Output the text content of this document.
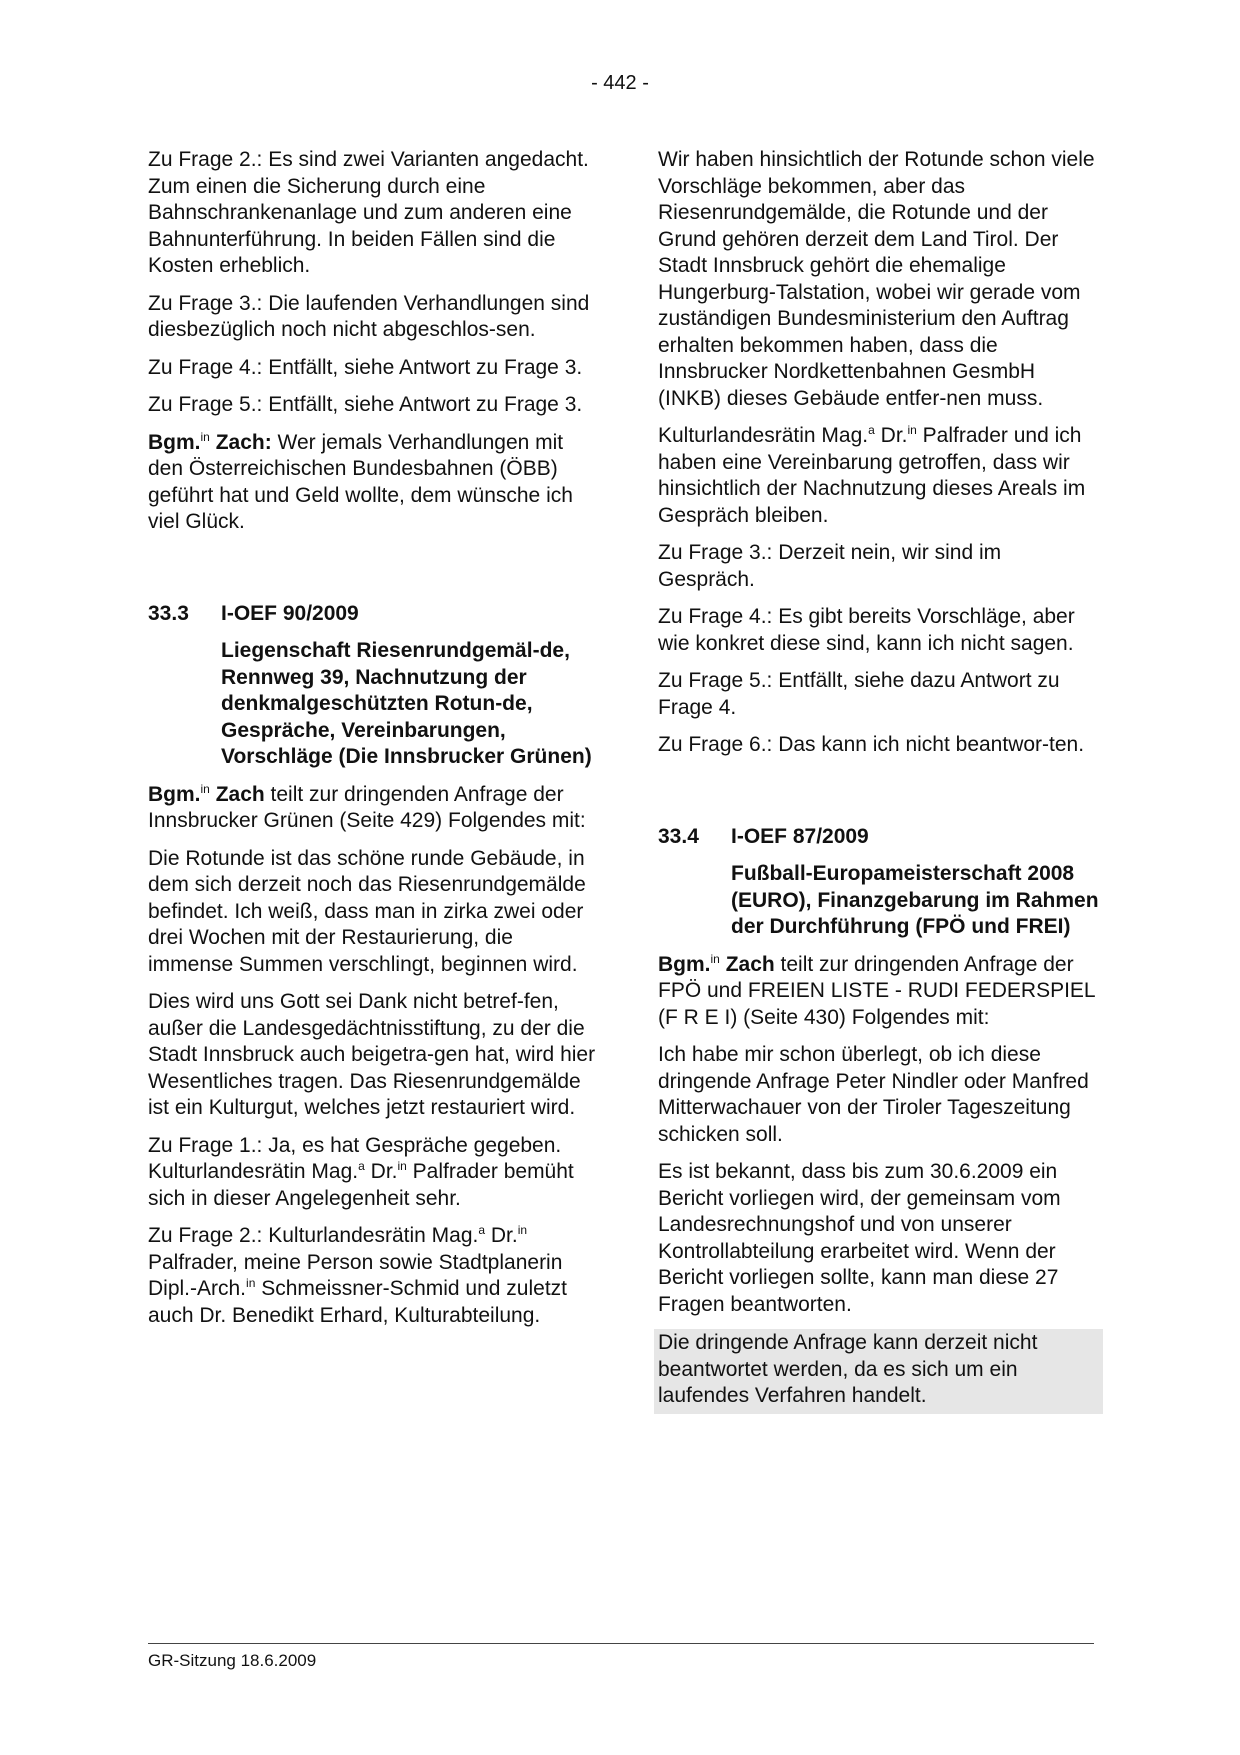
- 442 -

Zu Frage 2.: Es sind zwei Varianten angedacht. Zum einen die Sicherung durch eine Bahnschrankenanlage und zum anderen eine Bahnunterführung. In beiden Fällen sind die Kosten erheblich.

Zu Frage 3.: Die laufenden Verhandlungen sind diesbezüglich noch nicht abgeschlos-sen.

Zu Frage 4.: Entfällt, siehe Antwort zu Frage 3.

Zu Frage 5.: Entfällt, siehe Antwort zu Frage 3.

Bgm.$^{in}$ Zach: Wer jemals Verhandlungen mit den Österreichischen Bundesbahnen (ÖBB) geführt hat und Geld wollte, dem wünsche ich viel Glück.

33.3	I-OEF 90/2009

Liegenschaft Riesenrundgemäl-de, Rennweg 39, Nachnutzung der denkmalgeschützten Rotun-de, Gespräche, Vereinbarungen, Vorschläge (Die Innsbrucker Grünen)

Bgm.$^{in}$ Zach teilt zur dringenden Anfrage der Innsbrucker Grünen (Seite 429) Folgendes mit:

Die Rotunde ist das schöne runde Gebäude, in dem sich derzeit noch das Riesenrundgemälde befindet. Ich weiß, dass man in zirka zwei oder drei Wochen mit der Restaurierung, die immense Summen verschlingt, beginnen wird.

Dies wird uns Gott sei Dank nicht betref-fen, außer die Landesgedächtnisstiftung, zu der die Stadt Innsbruck auch beigetra-gen hat, wird hier Wesentliches tragen. Das Riesenrundgemälde ist ein Kulturgut, welches jetzt restauriert wird.

Zu Frage 1.: Ja, es hat Gespräche gegeben. Kulturlandesrätin Mag.$^a$ Dr.$^{in}$ Palfrader bemüht sich in dieser Angelegenheit sehr.

Zu Frage 2.: Kulturlandesrätin Mag.$^a$ Dr.$^{in}$ Palfrader, meine Person sowie Stadtplanerin Dipl.-Arch.$^{in}$ Schmeissner-Schmid und zuletzt auch Dr. Benedikt Erhard, Kulturabteilung.

Wir haben hinsichtlich der Rotunde schon viele Vorschläge bekommen, aber das Riesenrundgemälde, die Rotunde und der Grund gehören derzeit dem Land Tirol. Der Stadt Innsbruck gehört die ehemalige Hungerburg-Talstation, wobei wir gerade vom zuständigen Bundesministerium den Auftrag erhalten bekommen haben, dass die Innsbrucker Nordkettenbahnen GesmbH (INKB) dieses Gebäude entfer-nen muss.

Kulturlandesrätin Mag.$^a$ Dr.$^{in}$ Palfrader und ich haben eine Vereinbarung getroffen, dass wir hinsichtlich der Nachnutzung dieses Areals im Gespräch bleiben.

Zu Frage 3.: Derzeit nein, wir sind im Gespräch.

Zu Frage 4.: Es gibt bereits Vorschläge, aber wie konkret diese sind, kann ich nicht sagen.

Zu Frage 5.: Entfällt, siehe dazu Antwort zu Frage 4.

Zu Frage 6.: Das kann ich nicht beantwor-ten.

33.4	I-OEF 87/2009

Fußball-Europameisterschaft 2008 (EURO), Finanzgebarung im Rahmen der Durchführung (FPÖ und FREI)

Bgm.$^{in}$ Zach teilt zur dringenden Anfrage der FPÖ und FREIEN LISTE - RUDI FEDERSPIEL (F R E I) (Seite 430) Folgendes mit:

Ich habe mir schon überlegt, ob ich diese dringende Anfrage Peter Nindler oder Manfred Mitterwachauer von der Tiroler Tageszeitung schicken soll.

Es ist bekannt, dass bis zum 30.6.2009 ein Bericht vorliegen wird, der gemeinsam vom Landesrechnungshof und von unserer Kontrollabteilung erarbeitet wird. Wenn der Bericht vorliegen sollte, kann man diese 27 Fragen beantworten.

Die dringende Anfrage kann derzeit nicht beantwortet werden, da es sich um ein laufendes Verfahren handelt.

GR-Sitzung 18.6.2009
